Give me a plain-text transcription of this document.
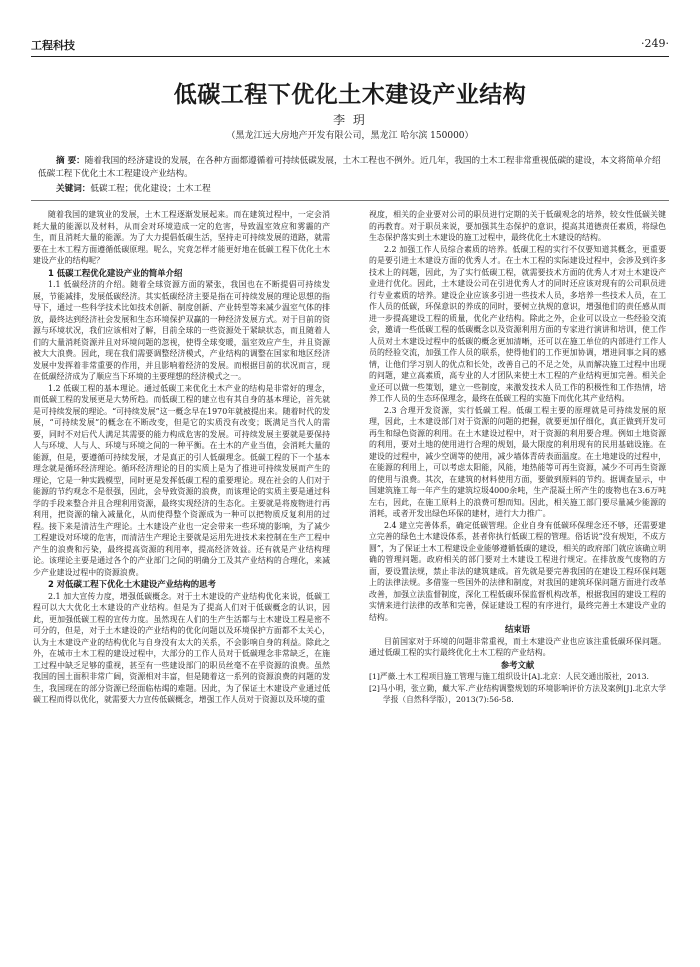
工程科技	·249·
低碳工程下优化土木建设产业结构
李 玥
（黑龙江远大房地产开发有限公司，黑龙江 哈尔滨 150000）
摘 要：随着我国的经济建设的发展，在各种方面都遵循着可持续低碳发展，土木工程也不例外。近几年，我国的土木工程非常重视低碳的建设，本文将简单介绍低碳工程下优化土木工程建设产业结构。
关键词：低碳工程；优化建设；土木工程

随着我国的建筑业的发展，土木工程逐渐发展起来。而在建筑过程中，一定会消耗大量的能源以及材料，从而会对环境造成一定的危害，导致温室效应和雾霾的产生，而且消耗大量的能源。为了大力提倡低碳生活，坚持走可持续发展的道路，就需要在土木工程方面遵循低碳原理。呢么，究竟怎样才能更好地在低碳工程下优化土木建设产业的结构呢？

1 低碳工程优化建设产业的简单介绍

1.1 低碳经济的介绍。随着全球资源方面的紧张，我国也在不断提倡可持续发展，节能减排，发展低碳经济。其实低碳经济主要是指在可持续发展的理论思想的指导下，通过一些科学技术比如技术创新、制度创新、产业转型等来减少温室气体的排放，最终达到经济社会发展和生态环境保护双赢的一种经济发展方式。对于目前的资源与环境状况，我们应该相对了解，目前全球的一些资源处于紧缺状态，而且随着人们的大量消耗资源并且对环境问题的忽视，使得全球变暖，温室效应产生，并且资源被大大浪费。因此，现在我们需要调整经济模式，产业结构的调整在国家和地区经济发展中发挥着非常重要的作用，并且影响着经济的发展。而根据目前的状况而言，现在低碳经济成为了顺应当下环境的主要理想的经济模式之一。

1.2 低碳工程的基本理论。通过低碳工来优化土木产业的结构是非常好的理念，而低碳工程的发展更是大势所趋。而低碳工程的建立也有其自身的基本理论，首先就是可持续发展的理论。“可持续发展”这一概念早在1970年就被提出来。随着时代的发展，“可持续发展”的概念在不断改变，但是它的实质没有改变；既满足当代人的需要，同时不对后代人满足其需要的能力构成危害的发展。可持续发展主要就是要保持人与环境、人与人、环境与环境之间的一种平衡。在土木的产业当值，会消耗大量的能源，但是，要遵循可持续发展，才是真正的引人低碳理念。低碳工程的下一个基本理念就是循环经济理论。循环经济理论的目的实质上是为了推进可持续发展而产生的理论，它是一种实践模型，同时更是发挥低碳工程的重要理论。现在社会的人们对于能源的节约观念不是很强，因此，会导致资源的浪费，而该理论的实质主要是通过科学的手段来整合并且合理利用资源，最终实现经济的生态化。主要就是将废物进行再利用，把资源的输入减量化，从而使得整个资源成为一种可以把物质反复利用的过程。接下来是清洁生产理论。土木建设产业也一定会带来一些环境的影响，为了减少工程建设对环境的危害，而清洁生产理论主要就是运用先进技术来控制在生产工程中产生的浪费和污染，最终提高资源的利用率，提高经济效益。还有就是产业结构理论。该理论主要是通过各个的产业部门之间的明确分工及其产业结构的合理化，来减少产业建设过程中的资源浪费。

2 对低碳工程下优化土木建设产业结构的思考

2.1 加大宣传力度，增强低碳概念。对于土木建设的产业结构优化来说，低碳工程可以大大优化土木建设的产业结构。但是为了提高人们对于低碳概念的认识，因此，更加强低碳工程的宣传力度。虽然现在人们的生产生活都与土木建设工程是密不可分的，但是，对于土木建设的产业结构的优化问题以及环境保护方面都不太关心，认为土木建设产业的结构优化与自身没有太大的关系，不会影响自身的利益。除此之外，在城市土木工程的建设过程中，大部分的工作人员对于低碳理念非常缺乏，在施工过程中缺乏足够的重视，甚至有一些建设部门的职员丝毫不在乎资源的浪费。虽然我国的国土面积非常广阔，资源相对丰富，但是随着这一系列的资源浪费的问题的发生，我国现在的部分资源已经面临枯竭的难题。因此，为了保证土木建设产业通过低碳工程而得以优化，就需要大力宣传低碳概念，增强工作人员对于资源以及环境的重

视度，相关的企业要对公司的职员进行定期的关于低碳观念的培养，较女性低碳关键的再教育。对于职员来说，要加强其生态保护的意识，提高其道德责任素质，将绿色生态保护落实到土木建设的施工过程中，最终优化土木建设的结构。

2.2 加强工作人员综合素质的培养。低碳工程的实行不仅要知道其概念，更重要的是要引进土木建设方面的优秀人才。在土木工程的实际建设过程中，会涉及到许多技术上的问题，因此，为了实行低碳工程，就需要技术方面的优秀人才对土木建设产业进行优化。因此，土木建设公司在引进优秀人才的同时还应该对现有的公司职员进行专业素质的培养。建设企业应该多引进一些技术人员，多培养一些技术人员，在工作人员的低碳，环保意识的养成的同时，要树立执规的意识，增强他们的责任感从而进一步提高建设工程的质量，优化产业结构。除此之外，企业可以设立一些经验交流会，邀请一些低碳工程的低碳概念以及资源利用方面的专家进行演讲和培训，使工作人员对土木建设过程中的低碳的概念更加清晰，还可以在施工单位的内部进行工作人员的经验交流，加强工作人员的联系，使得他们的工作更加协调，增进同事之间的感情，让他们学习别人的优点和长处，改善自己的不足之处，从而解决施工过程中出现的问题，建立高素质，高专业的人才团队来使土木工程的产业结构更加完善。相关企业还可以做一些策划，建立一些制度，来激发技术人员工作的积极性和工作热情，培养工作人员的生态环保理念，最终在低碳工程的实施下而优化其产业结构。

2.3 合理开发资源，实行低碳工程。低碳工程主要的原理就是可持续发展的原理，因此，土木建设部门对于资源的问题的把握，就要更加仔细化，真正做到开发可再生和绿色资源的利用。在土木建设过程中，对于资源的利用要合理。例如土地资源的利用，要对土地的使用进行合理的规划，最大限度的利用现有的民用基础设施。在建设的过程中，减少空调等的使用，减少墙体青砖表面温度。在土地建设的过程中，在能源的利用上，可以考虑太阳能，风能，地热能等可再生资源，减少不可再生资源的使用与浪费。其次，在建筑的材料使用方面，要做到原料的节约。据调查显示，中国建筑施工每一年产生的建筑垃圾4000余吨，生产混凝土所产生的废物也在3.6万吨左右，因此，在施工原料上的浪费可想而知。因此，相关施工部门要尽量减少能源的消耗，或者开发出绿色环保的建材，进行大力推广。

2.4 建立完善体系，确定低碳管理。企业自身有低碳环保理念还不够，还需要建立完善的绿色土木建设体系，甚者你执行低碳工程的管理。俗话说“没有规矩，不成方圆”，为了保证土木工程建设企业能够遵循低碳的建设，相关的政府部门就应该确立明确的管理问题。政府相关的部门要对土木建设工程进行规定。在排放废气废物的方面，要设置法规，禁止非法的建筑建成。首先就是要完善我国的在建设工程环保问题上的法律法规。多借鉴一些国外的法律和制度，对我国的建筑环保问题方面进行改革改善，加强立法监督制度，深化工程低碳环保监督机构改革，根据我国的建设工程的实情来进行法律的改革和完善，保证建设工程的有序进行，最终完善土木建设产业的结构。

结束语

目前国家对于环境的问题非常重视，而土木建设产业也应该注重低碳环保问题。通过低碳工程的实行最终优化土木工程的产业结构。

参考文献

[1]严薇.土木工程项目施工管理与施工组织设计[A].北京：人民交通出版社，2013.

[2]马小明，张立勤，戴大军.产业结构调整规划的环境影响评价方法及案例[J].北京大学学报（自然科学版），2013(7):56-58.
